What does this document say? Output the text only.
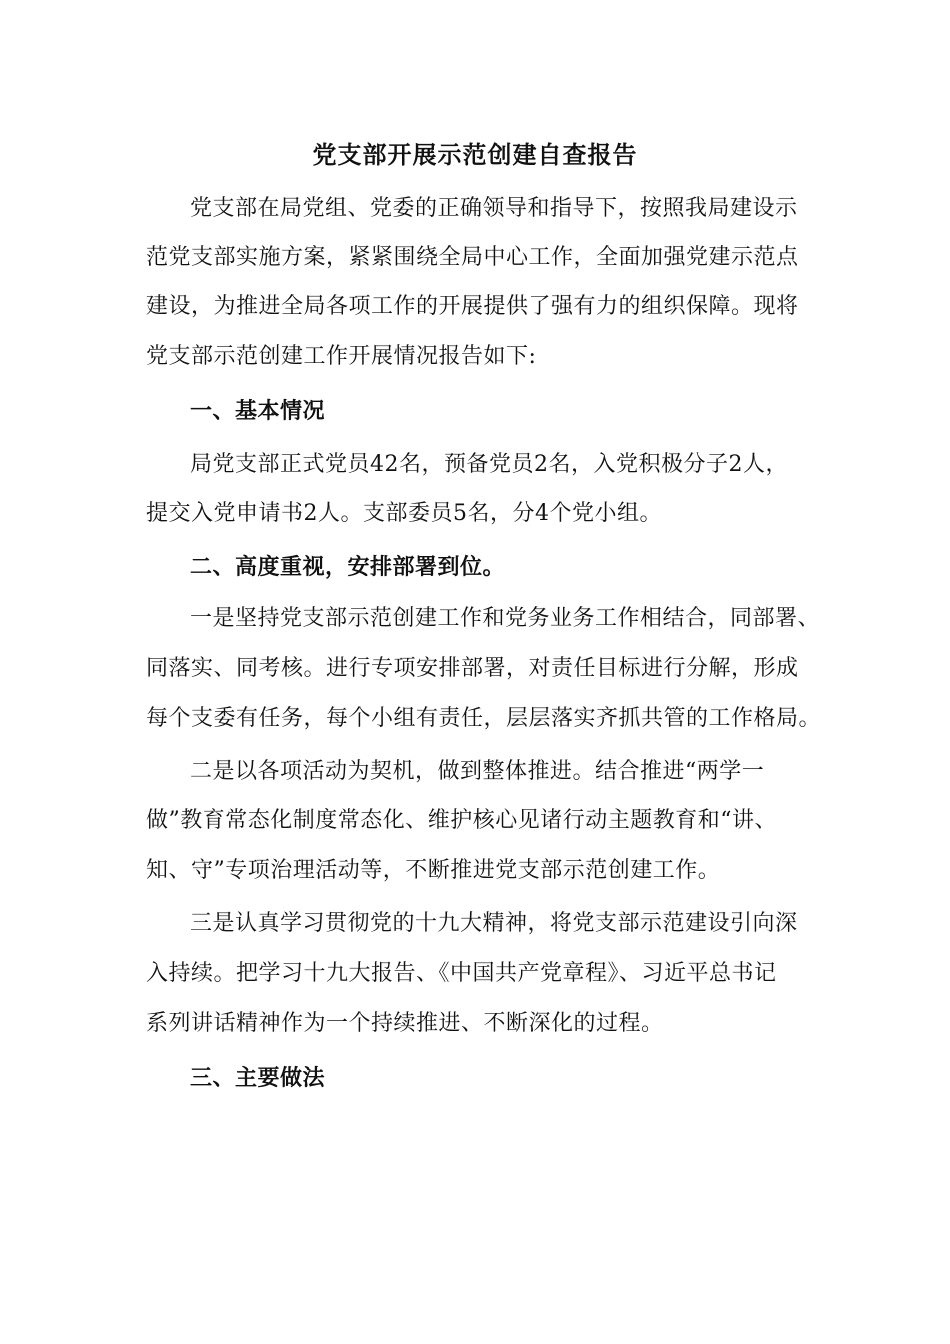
党支部开展示范创建自查报告
党支部在局党组、党委的正确领导和指导下，按照我局建设示
范党支部实施方案，紧紧围绕全局中心工作，全面加强党建示范点
建设，为推进全局各项工作的开展提供了强有力的组织保障。现将
党支部示范创建工作开展情况报告如下:
一、基本情况
局党支部正式党员42名，预备党员2名，入党积极分子2人，
提交入党申请书2人。支部委员5名，分4个党小组。
二、高度重视，安排部署到位。
一是坚持党支部示范创建工作和党务业务工作相结合，同部署、
同落实、同考核。进行专项安排部署，对责任目标进行分解，形成
每个支委有任务，每个小组有责任，层层落实齐抓共管的工作格局。
二是以各项活动为契机，做到整体推进。结合推进“两学一
做”教育常态化制度常态化、维护核心见诸行动主题教育和“讲、
知、守”专项治理活动等，不断推进党支部示范创建工作。
三是认真学习贯彻党的十九大精神，将党支部示范建设引向深
入持续。把学习十九大报告、《中国共产党章程》、习近平总书记
系列讲话精神作为一个持续推进、不断深化的过程。
三、主要做法
